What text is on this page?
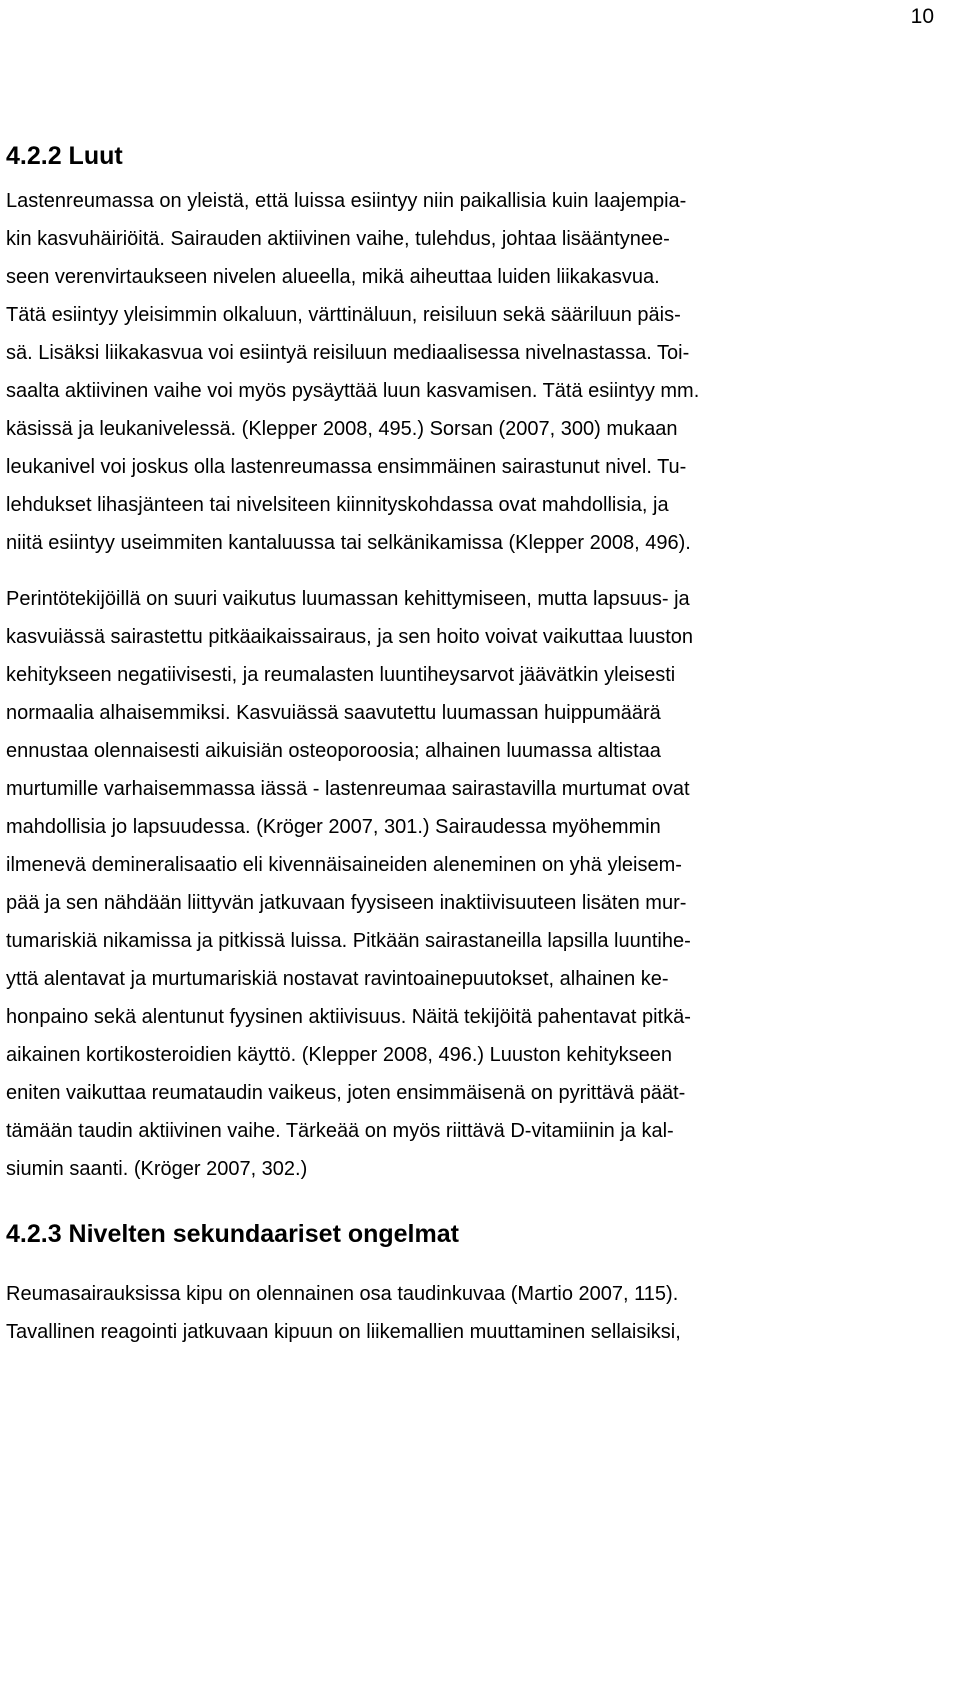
10
4.2.2 Luut
Lastenreumassa on yleistä, että luissa esiintyy niin paikallisia kuin laajempia-
kin kasvuhäiriöitä. Sairauden aktiivinen vaihe, tulehdus, johtaa lisääntynee-
seen verenvirtaukseen nivelen alueella, mikä aiheuttaa luiden liikakasvua.
Tätä esiintyy yleisimmin olkaluun, värttinäluun, reisiluun sekä sääriluun päis-
sä. Lisäksi liikakasvua voi esiintyä reisiluun mediaalisessa nivelnastassa. Toi-
saalta aktiivinen vaihe voi myös pysäyttää luun kasvamisen. Tätä esiintyy mm.
käsissä ja leukanivelessä. (Klepper 2008, 495.) Sorsan (2007, 300) mukaan
leukanivel voi joskus olla lastenreumassa ensimmäinen sairastunut nivel. Tu-
lehdukset lihasjänteen tai nivelsiteen kiinnityskohdassa ovat mahdollisia, ja
niitä esiintyy useimmiten kantaluussa tai selkänikamissa (Klepper 2008, 496).
Perintötekijöillä on suuri vaikutus luumassan kehittymiseen, mutta lapsuus- ja
kasvuiässä sairastettu pitkäaikaissairaus, ja sen hoito voivat vaikuttaa luuston
kehitykseen negatiivisesti, ja reumalasten luuntiheysarvot jäävätkin yleisesti
normaalia alhaisemmiksi. Kasvuiässä saavutettu luumassan huippumäärä
ennustaa olennaisesti aikuisiän osteoporoosia; alhainen luumassa altistaa
murtumille varhaisemmassa iässä - lastenreumaa sairastavilla murtumat ovat
mahdollisia jo lapsuudessa. (Kröger 2007, 301.) Sairaudessa myöhemmin
ilmenevä demineralisaatio eli kivennäisaineiden aleneminen on yhä yleisem-
pää ja sen nähdään liittyvän jatkuvaan fyysiseen inaktiivisuuteen lisäten mur-
tumariskiä nikamissa ja pitkissä luissa. Pitkään sairastaneilla lapsilla luuntihe-
yttä alentavat ja murtumariskiä nostavat ravintoainepuutokset, alhainen ke-
honpaino sekä alentunut fyysinen aktiivisuus. Näitä tekijöitä pahentavat pitkä-
aikainen kortikosteroidien käyttö. (Klepper 2008, 496.) Luuston kehitykseen
eniten vaikuttaa reumataudin vaikeus, joten ensimmäisenä on pyrittävä päät-
tämään taudin aktiivinen vaihe. Tärkeää on myös riittävä D-vitamiinin ja kal-
siumin saanti. (Kröger 2007, 302.)
4.2.3 Nivelten sekundaariset ongelmat
Reumasairauksissa kipu on olennainen osa taudinkuvaa (Martio 2007, 115).
Tavallinen reagointi jatkuvaan kipuun on liikemallien muuttaminen sellaisiksi,
